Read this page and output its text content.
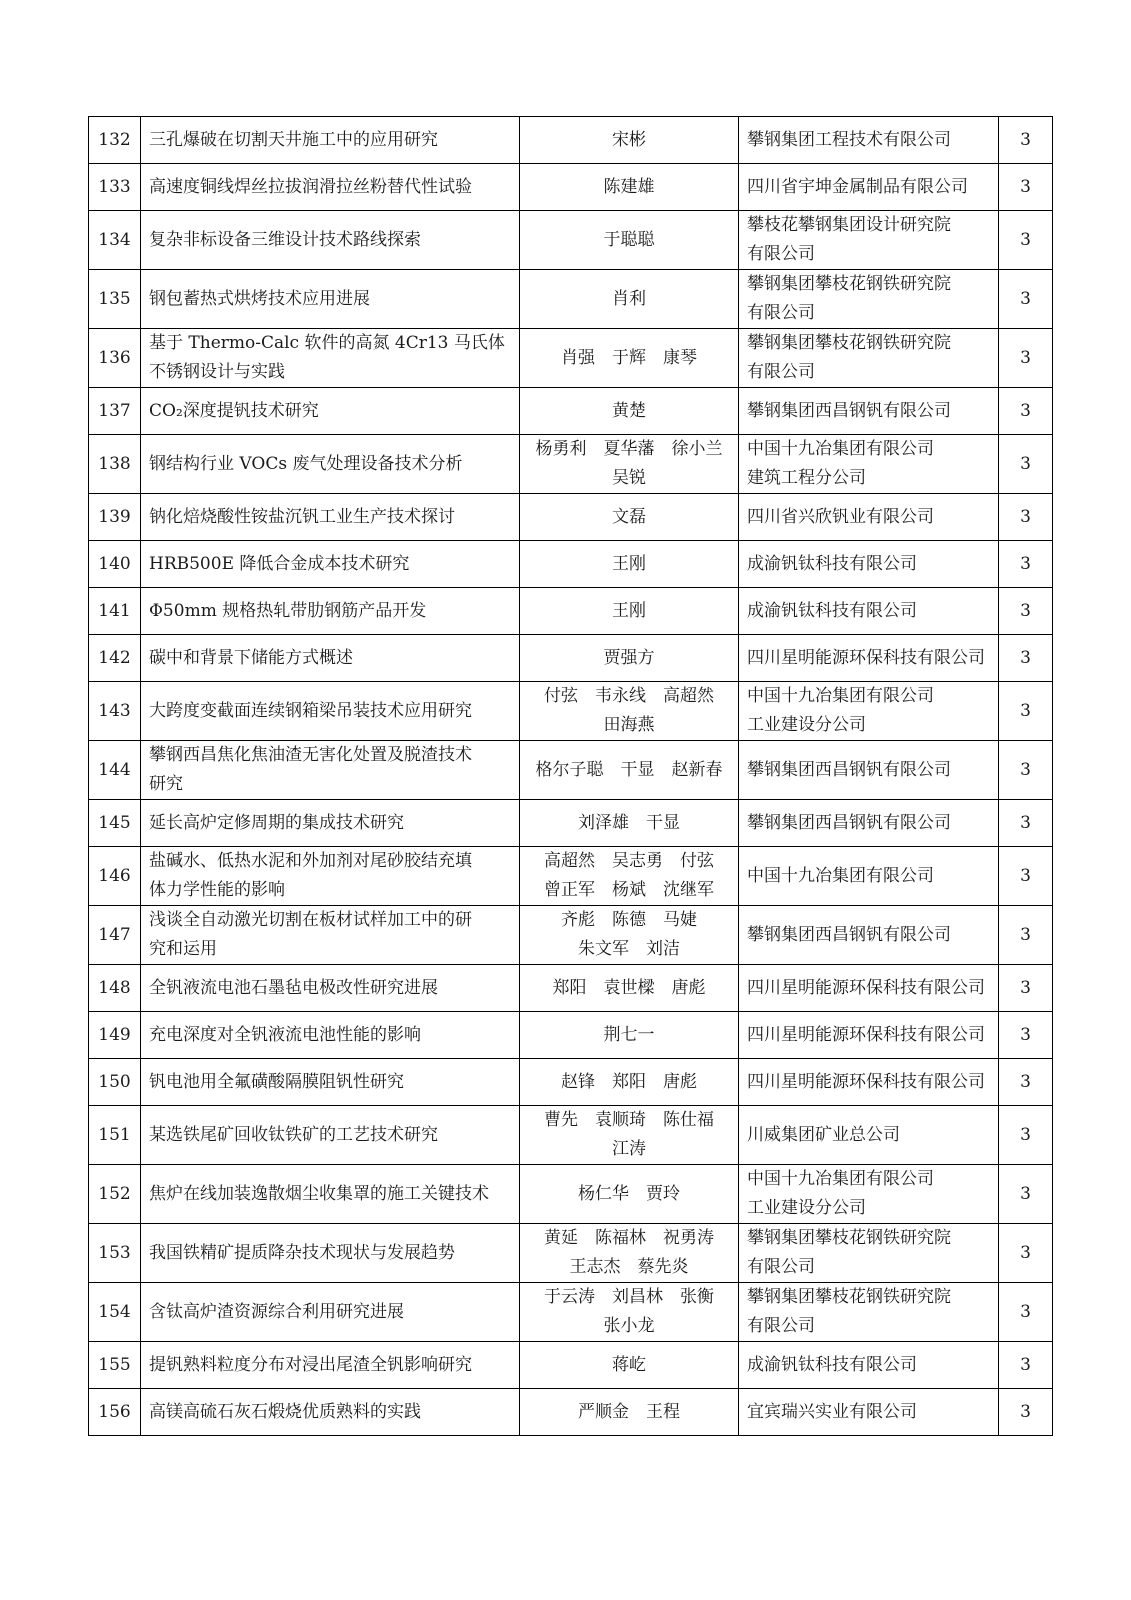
132	三孔爆破在切割天井施工中的应用研究	宋彬	攀钢集团工程技术有限公司	3
133	高速度铜线焊丝拉拔润滑拉丝粉替代性试验	陈建雄	四川省宇坤金属制品有限公司	3
134	复杂非标设备三维设计技术路线探索	于聪聪	攀枝花攀钢集团设计研究院
有限公司	3
135	钢包蓄热式烘烤技术应用进展	肖利	攀钢集团攀枝花钢铁研究院
有限公司	3
136	基于 Thermo-Calc 软件的高氮 4Cr13 马氏体
不锈钢设计与实践	肖强　于辉　康琴	攀钢集团攀枝花钢铁研究院
有限公司	3
137	CO₂深度提钒技术研究	黄楚	攀钢集团西昌钢钒有限公司	3
138	钢结构行业 VOCs 废气处理设备技术分析	杨勇利　夏华藩　徐小兰
吴锐	中国十九冶集团有限公司
建筑工程分公司	3
139	钠化焙烧酸性铵盐沉钒工业生产技术探讨	文磊	四川省兴欣钒业有限公司	3
140	HRB500E 降低合金成本技术研究	王刚	成渝钒钛科技有限公司	3
141	Φ50mm 规格热轧带肋钢筋产品开发	王刚	成渝钒钛科技有限公司	3
142	碳中和背景下储能方式概述	贾强方	四川星明能源环保科技有限公司	3
143	大跨度变截面连续钢箱梁吊装技术应用研究	付弦　韦永线　高超然
田海燕	中国十九冶集团有限公司
工业建设分公司	3
144	攀钢西昌焦化焦油渣无害化处置及脱渣技术
研究	格尔子聪　干显　赵新春	攀钢集团西昌钢钒有限公司	3
145	延长高炉定修周期的集成技术研究	刘泽雄　干显	攀钢集团西昌钢钒有限公司	3
146	盐碱水、低热水泥和外加剂对尾砂胶结充填
体力学性能的影响	高超然　吴志勇　付弦
曾正军　杨斌　沈继军	中国十九冶集团有限公司	3
147	浅谈全自动激光切割在板材试样加工中的研
究和运用	齐彪　陈德　马婕
朱文军　刘洁	攀钢集团西昌钢钒有限公司	3
148	全钒液流电池石墨毡电极改性研究进展	郑阳　袁世樑　唐彪	四川星明能源环保科技有限公司	3
149	充电深度对全钒液流电池性能的影响	荆七一	四川星明能源环保科技有限公司	3
150	钒电池用全氟磺酸隔膜阻钒性研究	赵锋　郑阳　唐彪	四川星明能源环保科技有限公司	3
151	某选铁尾矿回收钛铁矿的工艺技术研究	曹先　袁顺琦　陈仕福
江涛	川威集团矿业总公司	3
152	焦炉在线加装逸散烟尘收集罩的施工关键技术	杨仁华　贾玲	中国十九冶集团有限公司
工业建设分公司	3
153	我国铁精矿提质降杂技术现状与发展趋势	黄延　陈福林　祝勇涛
王志杰　蔡先炎	攀钢集团攀枝花钢铁研究院
有限公司	3
154	含钛高炉渣资源综合利用研究进展	于云涛　刘昌林　张衡
张小龙	攀钢集团攀枝花钢铁研究院
有限公司	3
155	提钒熟料粒度分布对浸出尾渣全钒影响研究	蒋屹	成渝钒钛科技有限公司	3
156	高镁高硫石灰石煅烧优质熟料的实践	严顺金　王程	宜宾瑞兴实业有限公司	3
